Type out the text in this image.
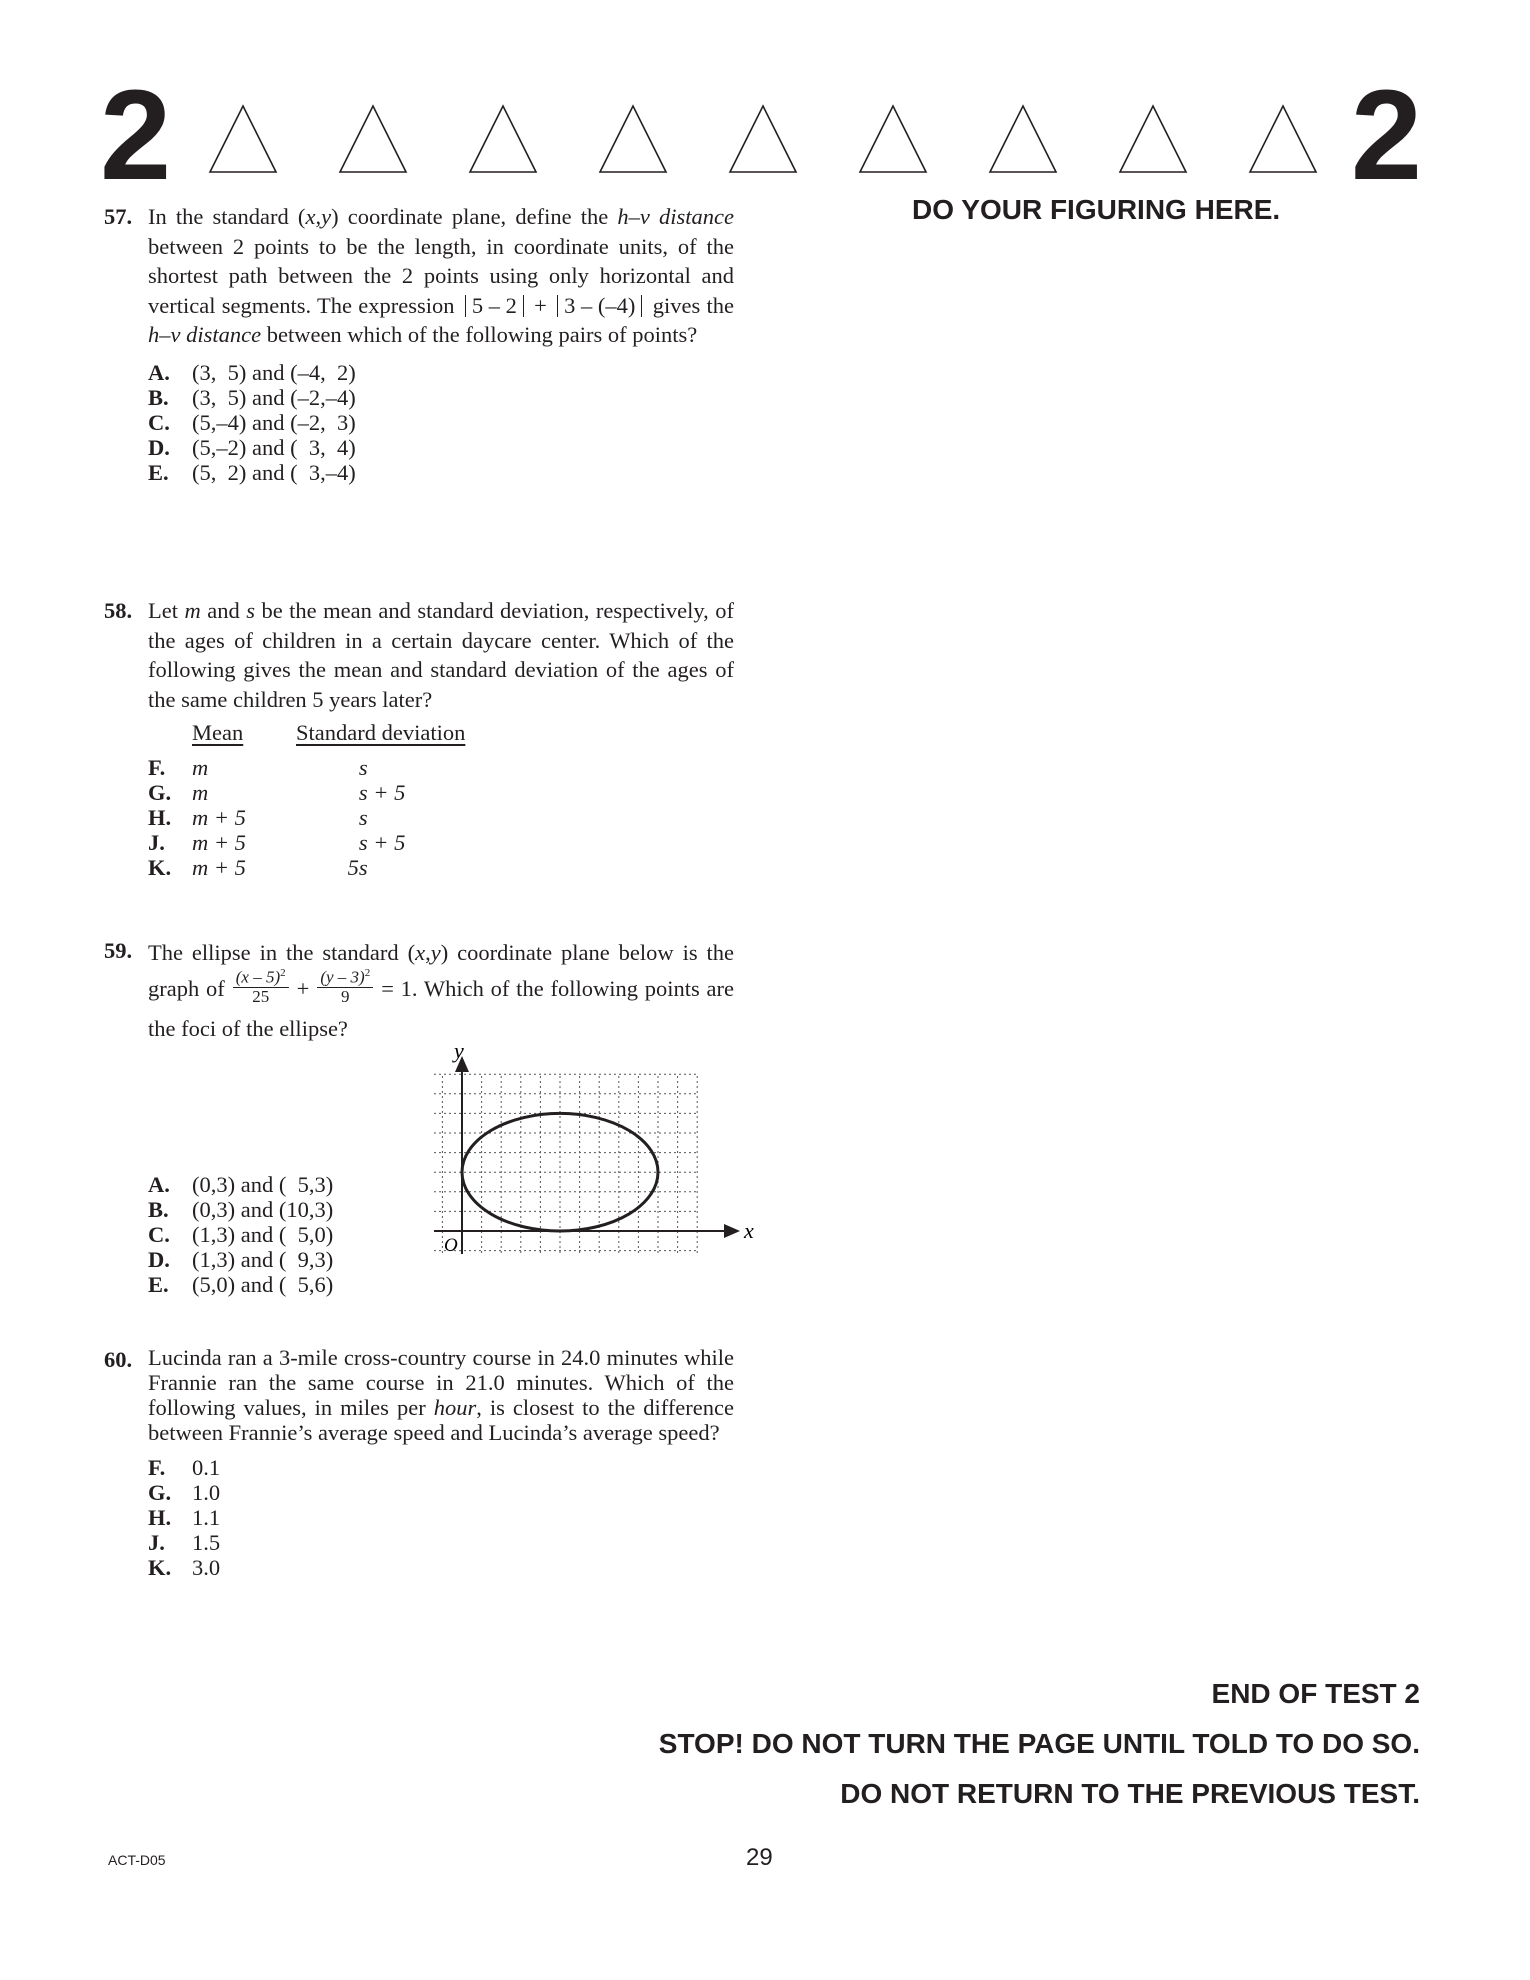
2	2
DO YOUR FIGURING HERE.
57. In the standard (x,y) coordinate plane, define the h–v distance between 2 points to be the length, in coordinate units, of the shortest path between the 2 points using only horizontal and vertical segments. The expression 5 – 2 + 3 – (–4) gives the h–v distance between which of the following pairs of points?
A. (3,  5) and (–4,  2)
B. (3,  5) and (–2,–4)
C. (5,–4) and (–2,  3)
D. (5,–2) and (  3,  4)
E. (5,  2) and (  3,–4)
58. Let m and s be the mean and standard deviation, respectively, of the ages of children in a certain daycare center. Which of the following gives the mean and standard deviation of the ages of the same children 5 years later?
Mean	Standard deviation
F.	m	s
G. m	s + 5
H. m + 5	s
J.	m + 5	s + 5
K. m + 5	5s
59. The ellipse in the standard (x,y) coordinate plane below is the graph of $\frac{(x - 5)^2}{25} + \frac{(y - 3)^2}{9} = 1$. Which of the following points are the foci of the ellipse?
y
x
O
A. (0,3) and (  5,3)
B. (0,3) and (10,3)
C. (1,3) and (  5,0)
D. (1,3) and (  9,3)
E. (5,0) and (  5,6)
60. Lucinda ran a 3-mile cross-country course in 24.0 minutes while Frannie ran the same course in 21.0 minutes. Which of the following values, in miles per hour, is closest to the difference between Frannie’s average speed and Lucinda’s average speed?
F. 0.1
G. 1.0
H. 1.1
J. 1.5
K. 3.0
END OF TEST 2
STOP! DO NOT TURN THE PAGE UNTIL TOLD TO DO SO.
DO NOT RETURN TO THE PREVIOUS TEST.
ACT-D05	29
